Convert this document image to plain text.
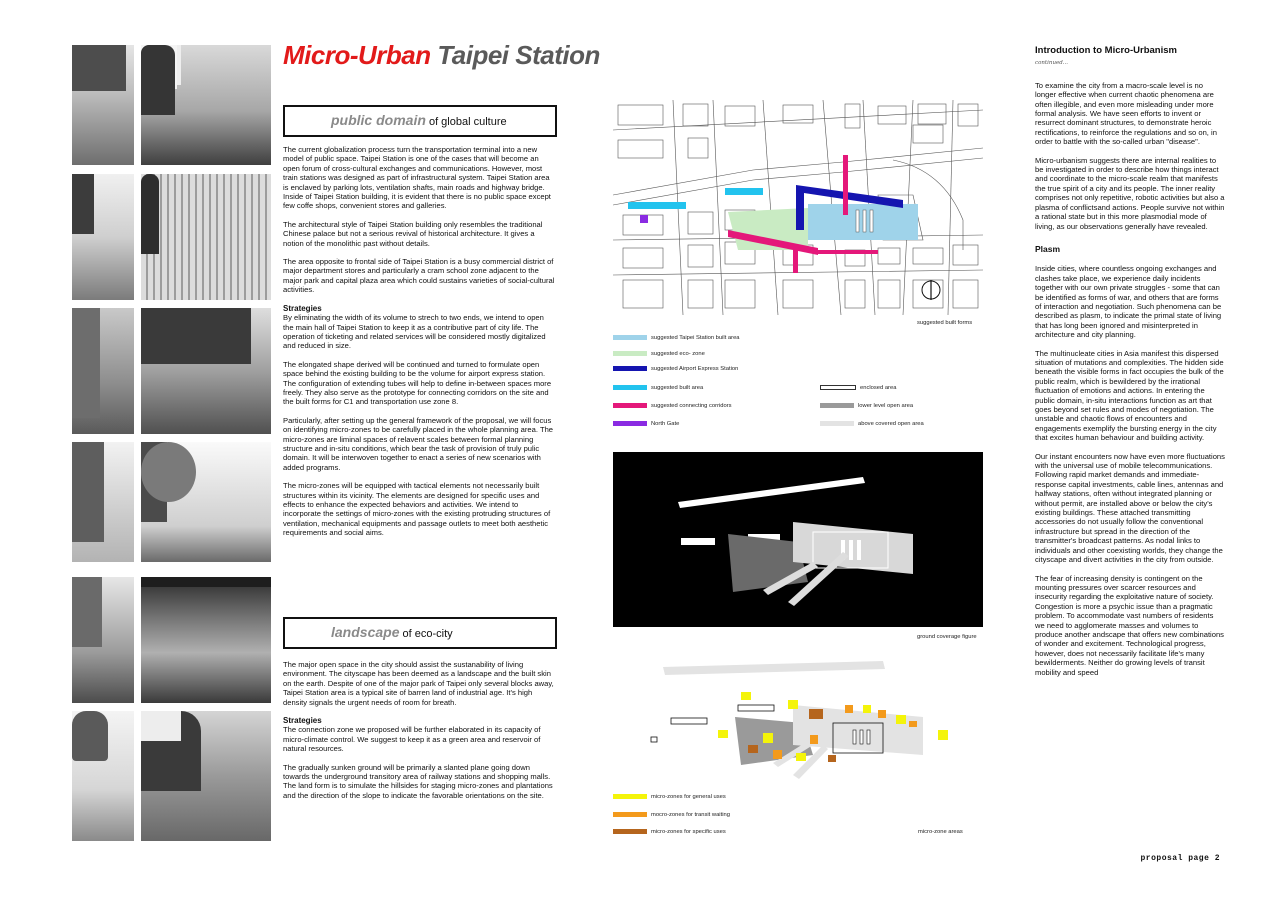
Micro-Urban Taipei Station
public domain of global culture

The current globalization process turn the transportation terminal into a new model of public space. Taipei Station is one of the cases that will become an open forum of cross-cultural exchanges and communications. However, most train stations was designed as part of infrastructural system. Taipei Station area is enclaved by parking lots, ventilation shafts, main roads and highway bridge. Inside of Taipei Station building, it is evident that there is no public space except few coffe shops, convenient stores and galleries.

The architectural style of Taipei Station building only resembles the traditional Chinese palace but not a serious revival of historical architecture. It gives a notion of the monolithic past without details.

The area opposite to frontal side of Taipei Station is a busy commercial district of major department stores and particularly a cram school zone adjacent to the major park and capital plaza area which could sustains varieties of social-cultural activities.

Strategies

By eliminating the width of its volume to strech to two ends, we intend to open the main hall of Taipei Station to keep it as a contributive part of city life. The operation of ticketing and related services will be considered mostly digitalized and reduced in size.

The elongated shape derived will be continued and turned to formulate open space behind the existing building to be the volume for airport express station. The configuration of extending tubes will help to define in-between spaces more freely. They also serve as the prototype for connecting corridors on the site and the built forms for C1 and transportation use zone 8.

Particularly, after setting up the general framework of the proposal, we will focus on identifying micro-zones to be carefully placed in the whole planning area. The micro-zones are liminal spaces of relavent scales between formal planning structure and in-situ conditions, which bear the task of provision of truly pulic domain. It will be interwoven together to enact a series of new scenarios with added programs.

The micro-zones will be equipped with tactical elements not necessarily built structures within its vicinity. The elements are designed for specific uses and effects to enhance the expected behaviors and activities. We intend to incorporate the settings of micro-zones with the existing protruding structures of ventilation, mechanical equipments and passage outlets to meet both aesthetic requirements and social aims.

landscape of eco-city

The major open space in the city should assist the sustanability of living environment. The cityscape has been deemed as a landscape and the built skin on the earth. Despite of one of the major park of Taipei only several blocks away, Taipei Station area is a typical site of barren land of industrial age. It's high density signals the urgent needs of room for breath.

Strategies

The connection zone we proposed will be further elaborated in its capacity of micro-climate control. We suggest to keep it as a green area and reservoir of natural resources.

The gradually sunken ground will be primarily a slanted plane going down towards the underground transitory area of railway stations and shopping malls. The land form is to simulate the hillsides for staging micro-zones and plantations and the direction of the slope to indicate the favorable orientations on the site.

suggested built forms
suggested Taipei Station built area
suggested eco- zone
suggested Airport Express Station
suggested built area
suggested connecting corridors
North Gate
enclosed area
lower level open area
above covered open area
ground coverage figure
micro-zones for general uses
mocro-zones for transit waiting
micro-zones for specific uses	micro-zone areas
Introduction to Micro-Urbanism
continued...

To examine the city from a macro-scale level is no longer effective when current chaotic phenomena are often illegible, and even more misleading under more formal analysis. We have seen efforts to invent or resurrect dominant structures, to demonstrate heroic rectifications, to reinforce the regulations and so on, in order to battle with the so-called urban "disease".

Micro-urbanism suggests there are internal realities to be investigated in order to describe how things interact and coordinate to the micro-scale realm that manifests the true spirit of a city and its people. The inner reality comprises not only repetitive, robotic activities but also a plasma of conflictsand actions. People survive not within a rational state but in this more plasmodial mode of living, as our observations generally have revealed.

Plasm

Inside cities, where countless ongoing exchanges and clashes take place, we experience daily incidents together with our own private struggles - some that can be identified as forms of war, and others that are forms of interaction and negotiation. Such phenomena can be described as plasm, to indicate the primal state of living that has long been ignored and misinterpreted in architecture and city planning.

The multinucleate cities in Asia manifest this dispersed situation of mutations and complexities. The hidden side beneath the visible forms in fact occupies the bulk of the public realm, which is bewildered by the irrational fluctuation of emotions and actions. In entering the public domain, in-situ interactions function as art that goes beyond set rules and modes of negotiation. The unstable and chaotic flows of encounters and engagements exemplify the bursting energy in the city that excites human behaviour and building activity.

Our instant encounters now have even more fluctuations with the universal use of mobile telecommunications. Following rapid market demands and immediate-response capital investments, cable lines, antennas and halfway stations, often without integrated planning or without permit, are installed above or below the city's existing buildings. These attached transmitting accessories do not usually follow the conventional infrastructure but spread in the direction of the transmitter's broadcast patterns. As nodal links to individuals and other coexisting worlds, they change the cityscape and divert activities in the city from outside.

The fear of increasing density is contingent on the mounting pressures over scarcer resources and insecurity regarding the exploitative nature of society. Congestion is more a psychic issue than a pragmatic problem. To accommodate vast numbers of residents we need to agglomerate masses and volumes to produce another andscape that offers new combinations of wonder and excitement. Technological progress, however, does not necessarily facilitate life's many bewilderments. Neither do growing levels of transit mobility and speed

proposal page 2
